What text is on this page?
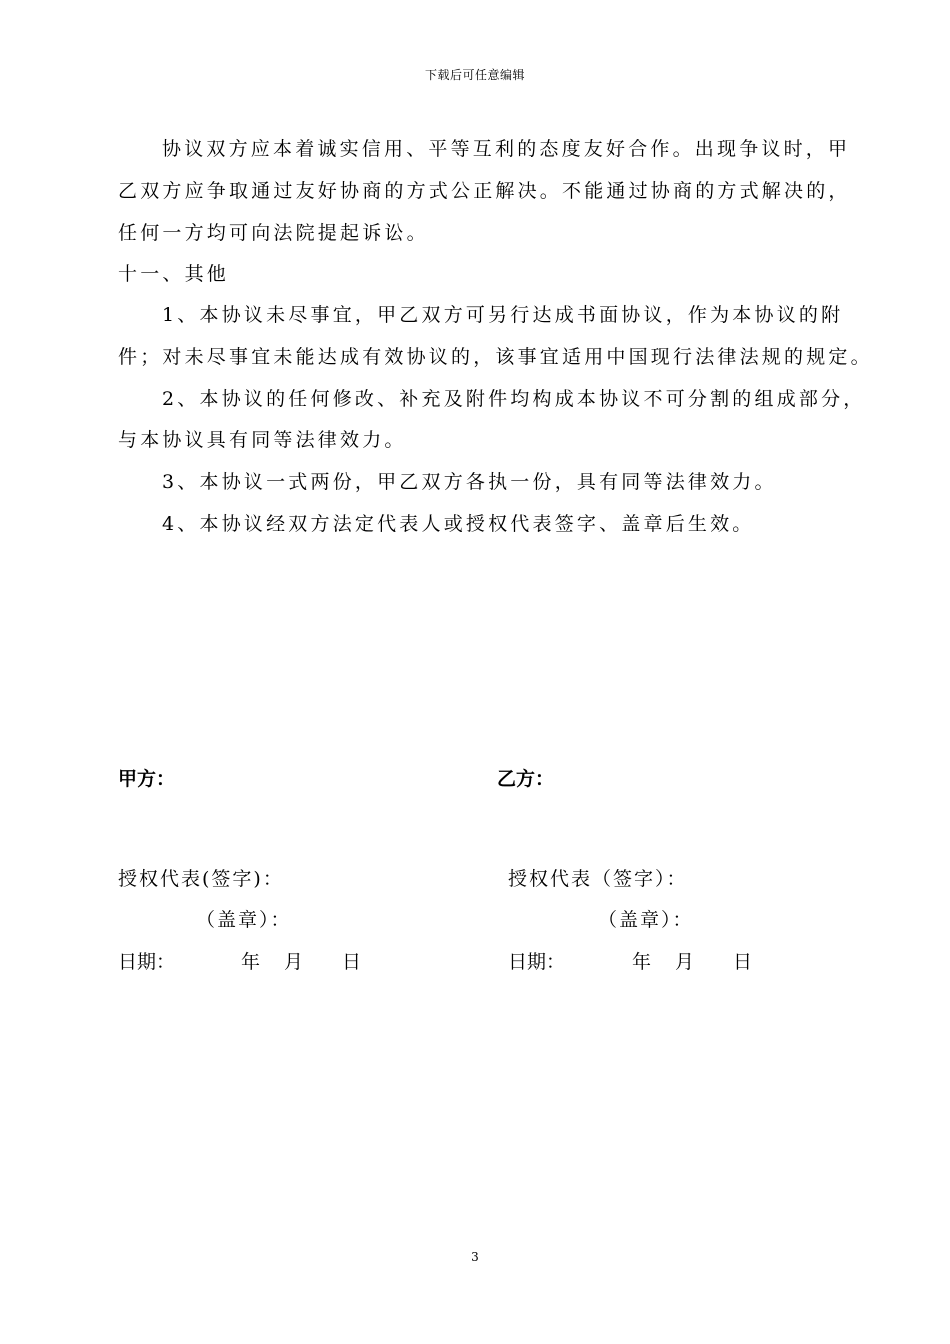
下载后可任意编辑
协议双方应本着诚实信用、平等互利的态度友好合作。出现争议时，甲
乙双方应争取通过友好协商的方式公正解决。不能通过协商的方式解决的，
任何一方均可向法院提起诉讼。
十一、其他
1、本协议未尽事宜，甲乙双方可另行达成书面协议，作为本协议的附
件；对未尽事宜未能达成有效协议的，该事宜适用中国现行法律法规的规定。
2、本协议的任何修改、补充及附件均构成本协议不可分割的组成部分，
与本协议具有同等法律效力。
3、本协议一式两份，甲乙双方各执一份，具有同等法律效力。
4、本协议经双方法定代表人或授权代表签字、盖章后生效。
甲方：	乙方：
授权代表(签字)：	授权代表（签字）：
（盖章）：	（盖章）：
日期：	年 月 日	日期：	年 月 日
3
